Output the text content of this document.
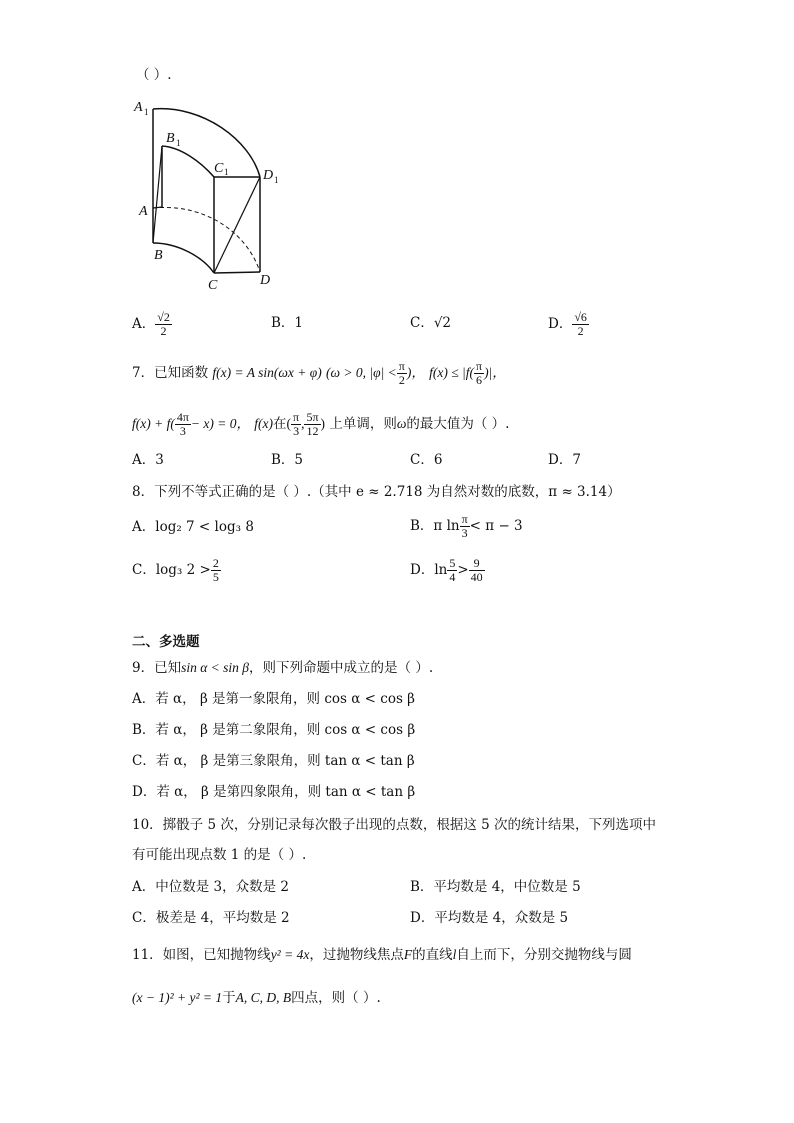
（ ）.
A 1
B 1
C 1 D 1
A
B
C	D
A． $\frac{√2}{2}$	B．1	C．√2	D． $\frac{√6}{2}$
7．已知函数 f(x) = A sin(ωx + φ) (ω > 0, $|\varphi| < \frac{\pi}{2}$ )， $f(x) \le |f( \frac{\pi}{6}$ )|，
$f(x) + f( \frac{4\pi}{3} - x) = 0$， f(x)在( $\frac{\pi}{3}$ , $\frac{5\pi}{12}$ ) 上单调，则ω的最大值为（ ）.
A．3	B．5	C．6	D．7
8．下列不等式正确的是（ ）.（其中 e ≈ 2.718 为自然对数的底数，π ≈ 3.14）
A．log₂ 7 < log₃ 8	B．π $\ln \frac{\pi}{3} < \pi - 3$
C．log₃ $2 > \frac{2}{5}$	D．$\ln \frac{5}{4} > \frac{9}{40}$
二、多选题
9．已知sin α < sin β，则下列命题中成立的是（ ）.
A．若 α， β 是第一象限角，则 cos α < cos β
B．若 α， β 是第二象限角，则 cos α < cos β
C．若 α， β 是第三象限角，则 tan α < tan β
D．若 α， β 是第四象限角，则 tan α < tan β
10．掷骰子 5 次，分别记录每次骰子出现的点数，根据这 5 次的统计结果，下列选项中
有可能出现点数 1 的是（ ）.
A．中位数是 3，众数是 2	B．平均数是 4，中位数是 5
C．极差是 4，平均数是 2	D．平均数是 4，众数是 5
11．如图，已知抛物线y² = 4x，过抛物线焦点F的直线l自上而下，分别交抛物线与圆
(x − 1)² + y² = 1于A, C, D, B四点，则（ ）.
